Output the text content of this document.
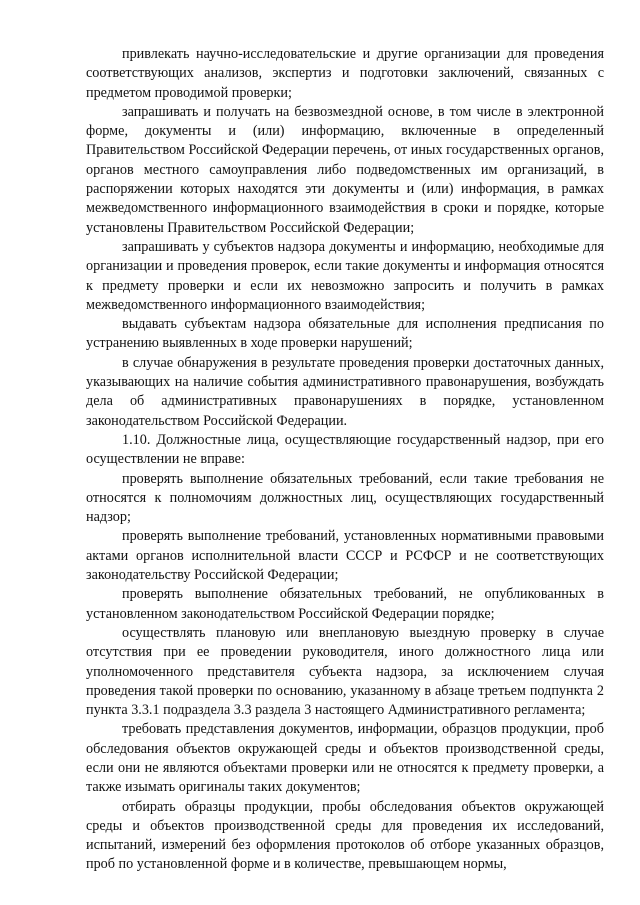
привлекать научно-исследовательские и другие организации для проведения соответствующих анализов, экспертиз и подготовки заключений, связанных с предметом проводимой проверки;

запрашивать и получать на безвозмездной основе, в том числе в электронной форме, документы и (или) информацию, включенные в определенный Правительством Российской Федерации перечень, от иных государственных органов, органов местного самоуправления либо подведомственных им организаций, в распоряжении которых находятся эти документы и (или) информация, в рамках межведомственного информационного взаимодействия в сроки и порядке, которые установлены Правительством Российской Федерации;

запрашивать у субъектов надзора документы и информацию, необходимые для организации и проведения проверок, если такие документы и информация относятся к предмету проверки и если их невозможно запросить и получить в рамках межведомственного информационного взаимодействия;

выдавать субъектам надзора обязательные для исполнения предписания по устранению выявленных в ходе проверки нарушений;

в случае обнаружения в результате проведения проверки достаточных данных, указывающих на наличие события административного правонарушения, возбуждать дела об административных правонарушениях в порядке, установленном законодательством Российской Федерации.

1.10. Должностные лица, осуществляющие государственный надзор, при его осуществлении не вправе:

проверять выполнение обязательных требований, если такие требования не относятся к полномочиям должностных лиц, осуществляющих государственный надзор;

проверять выполнение требований, установленных нормативными правовыми актами органов исполнительной власти СССР и РСФСР и не соответствующих законодательству Российской Федерации;

проверять выполнение обязательных требований, не опубликованных в установленном законодательством Российской Федерации порядке;

осуществлять плановую или внеплановую выездную проверку в случае отсутствия при ее проведении руководителя, иного должностного лица или уполномоченного представителя субъекта надзора, за исключением случая проведения такой проверки по основанию, указанному в абзаце третьем подпункта 2 пункта 3.3.1 подраздела 3.3 раздела 3 настоящего Административного регламента;

требовать представления документов, информации, образцов продукции, проб обследования объектов окружающей среды и объектов производственной среды, если они не являются объектами проверки или не относятся к предмету проверки, а также изымать оригиналы таких документов;

отбирать образцы продукции, пробы обследования объектов окружающей среды и объектов производственной среды для проведения их исследований, испытаний, измерений без оформления протоколов об отборе указанных образцов, проб по установленной форме и в количестве, превышающем нормы,
